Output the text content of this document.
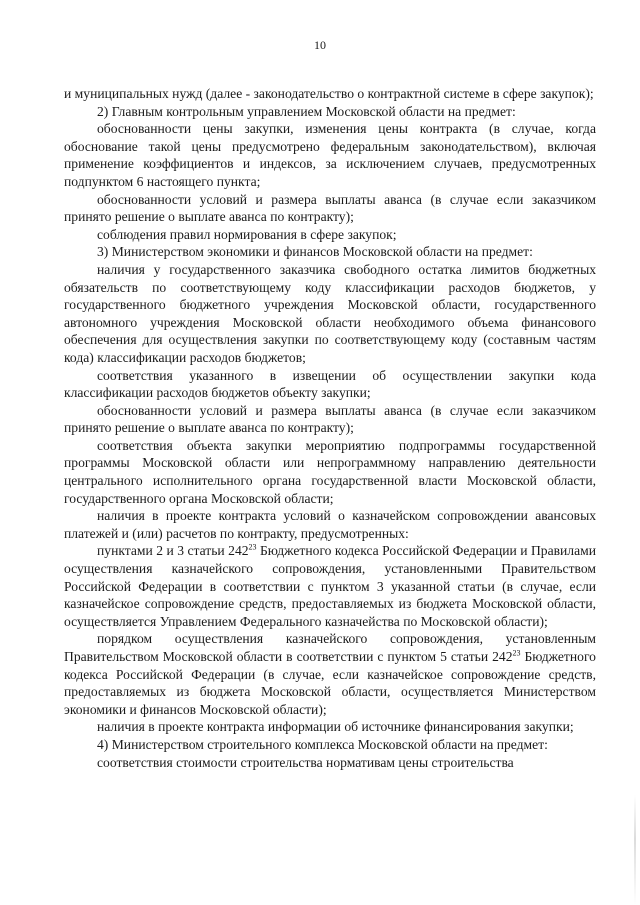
10

и муниципальных нужд (далее - законодательство о контрактной системе в сфере закупок);

2) Главным контрольным управлением Московской области на предмет:

обоснованности цены закупки, изменения цены контракта (в случае, когда обоснование такой цены предусмотрено федеральным законодательством), включая применение коэффициентов и индексов, за исключением случаев, предусмотренных подпунктом 6 настоящего пункта;

обоснованности условий и размера выплаты аванса (в случае если заказчиком принято решение о выплате аванса по контракту);

соблюдения правил нормирования в сфере закупок;

3) Министерством экономики и финансов Московской области на предмет:

наличия у государственного заказчика свободного остатка лимитов бюджетных обязательств по соответствующему коду классификации расходов бюджетов, у государственного бюджетного учреждения Московской области, государственного автономного учреждения Московской области необходимого объема финансового обеспечения для осуществления закупки по соответствующему коду (составным частям кода) классификации расходов бюджетов;

соответствия указанного в извещении об осуществлении закупки кода классификации расходов бюджетов объекту закупки;

обоснованности условий и размера выплаты аванса (в случае если заказчиком принято решение о выплате аванса по контракту);

соответствия объекта закупки мероприятию подпрограммы государственной программы Московской области или непрограммному направлению деятельности центрального исполнительного органа государственной власти Московской области, государственного органа Московской области;

наличия в проекте контракта условий о казначейском сопровождении авансовых платежей и (или) расчетов по контракту, предусмотренных:

пунктами 2 и 3 статьи $242^{23}$ Бюджетного кодекса Российской Федерации и Правилами осуществления казначейского сопровождения, установленными Правительством Российской Федерации в соответствии с пунктом 3 указанной статьи (в случае, если казначейское сопровождение средств, предоставляемых из бюджета Московской области, осуществляется Управлением Федерального казначейства по Московской области);

порядком осуществления казначейского сопровождения, установленным Правительством Московской области в соответствии с пунктом 5 статьи $242^{23}$ Бюджетного кодекса Российской Федерации (в случае, если казначейское сопровождение средств, предоставляемых из бюджета Московской области, осуществляется Министерством экономики и финансов Московской области);

наличия в проекте контракта информации об источнике финансирования закупки;

4) Министерством строительного комплекса Московской области на предмет:

соответствия стоимости строительства нормативам цены строительства
